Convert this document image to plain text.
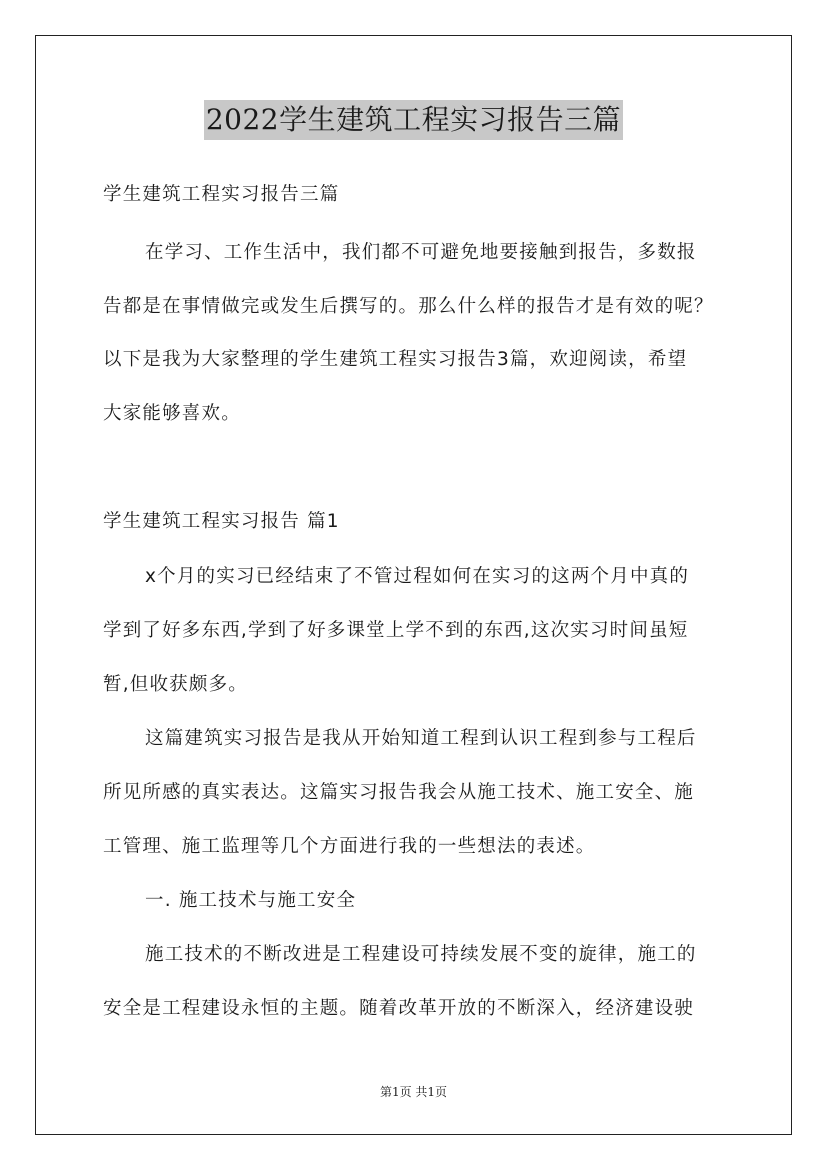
2022学生建筑工程实习报告三篇
学生建筑工程实习报告三篇
在学习、工作生活中，我们都不可避免地要接触到报告，多数报
告都是在事情做完或发生后撰写的。那么什么样的报告才是有效的呢？
以下是我为大家整理的学生建筑工程实习报告3篇，欢迎阅读，希望
大家能够喜欢。
学生建筑工程实习报告 篇1
x个月的实习已经结束了不管过程如何在实习的这两个月中真的
学到了好多东西,学到了好多课堂上学不到的东西,这次实习时间虽短
暂,但收获颇多。
这篇建筑实习报告是我从开始知道工程到认识工程到参与工程后
所见所感的真实表达。这篇实习报告我会从施工技术、施工安全、施
工管理、施工监理等几个方面进行我的一些想法的表述。
一. 施工技术与施工安全
施工技术的不断改进是工程建设可持续发展不变的旋律，施工的
安全是工程建设永恒的主题。随着改革开放的不断深入，经济建设驶
第1页 共1页
